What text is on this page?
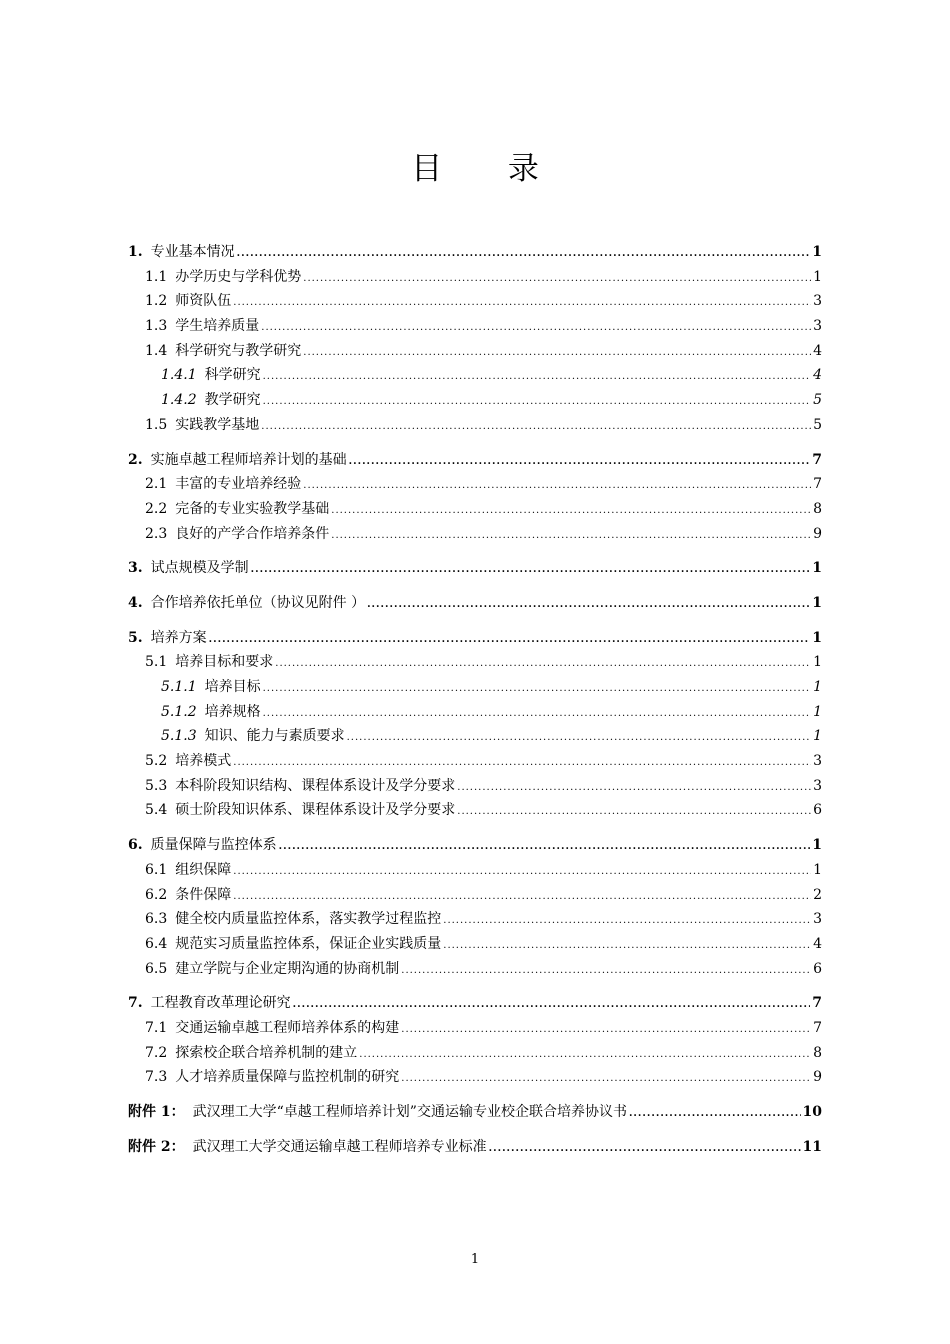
目 录
1. 专业基本情况 .....	1
1.1 办学历史与学科优势 .....	1
1.2 师资队伍 .....	3
1.3 学生培养质量 .....	3
1.4 科学研究与教学研究 .....	4
1.4.1 科学研究 .....	4
1.4.2 教学研究 .....	5
1.5 实践教学基地 .....	5
2. 实施卓越工程师培养计划的基础 .....	7
2.1 丰富的专业培养经验 .....	7
2.2 完备的专业实验教学基础 .....	8
2.3 良好的产学合作培养条件 .....	9
3. 试点规模及学制 .....	1
4. 合作培养依托单位（协议见附件 ） .....	1
5. 培养方案 .....	1
5.1 培养目标和要求 .....	1
5.1.1 培养目标 .....	1
5.1.2 培养规格 .....	1
5.1.3 知识、能力与素质要求 .....	1
5.2 培养模式 .....	3
5.3 本科阶段知识结构、课程体系设计及学分要求 .....	3
5.4 硕士阶段知识体系、课程体系设计及学分要求 .....	6
6. 质量保障与监控体系 .....	1
6.1 组织保障 .....	1
6.2 条件保障 .....	2
6.3 健全校内质量监控体系，落实教学过程监控 .....	3
6.4 规范实习质量监控体系，保证企业实践质量 .....	4
6.5 建立学院与企业定期沟通的协商机制 .....	6
7. 工程教育改革理论研究 .....	7
7.1 交通运输卓越工程师培养体系的构建 .....	7
7.2 探索校企联合培养机制的建立 .....	8
7.3 人才培养质量保障与监控机制的研究 .....	9
附件 1： 武汉理工大学“卓越工程师培养计划”交通运输专业校企联合培养协议书 .....	10
附件 2： 武汉理工大学交通运输卓越工程师培养专业标准 .....	11
1
